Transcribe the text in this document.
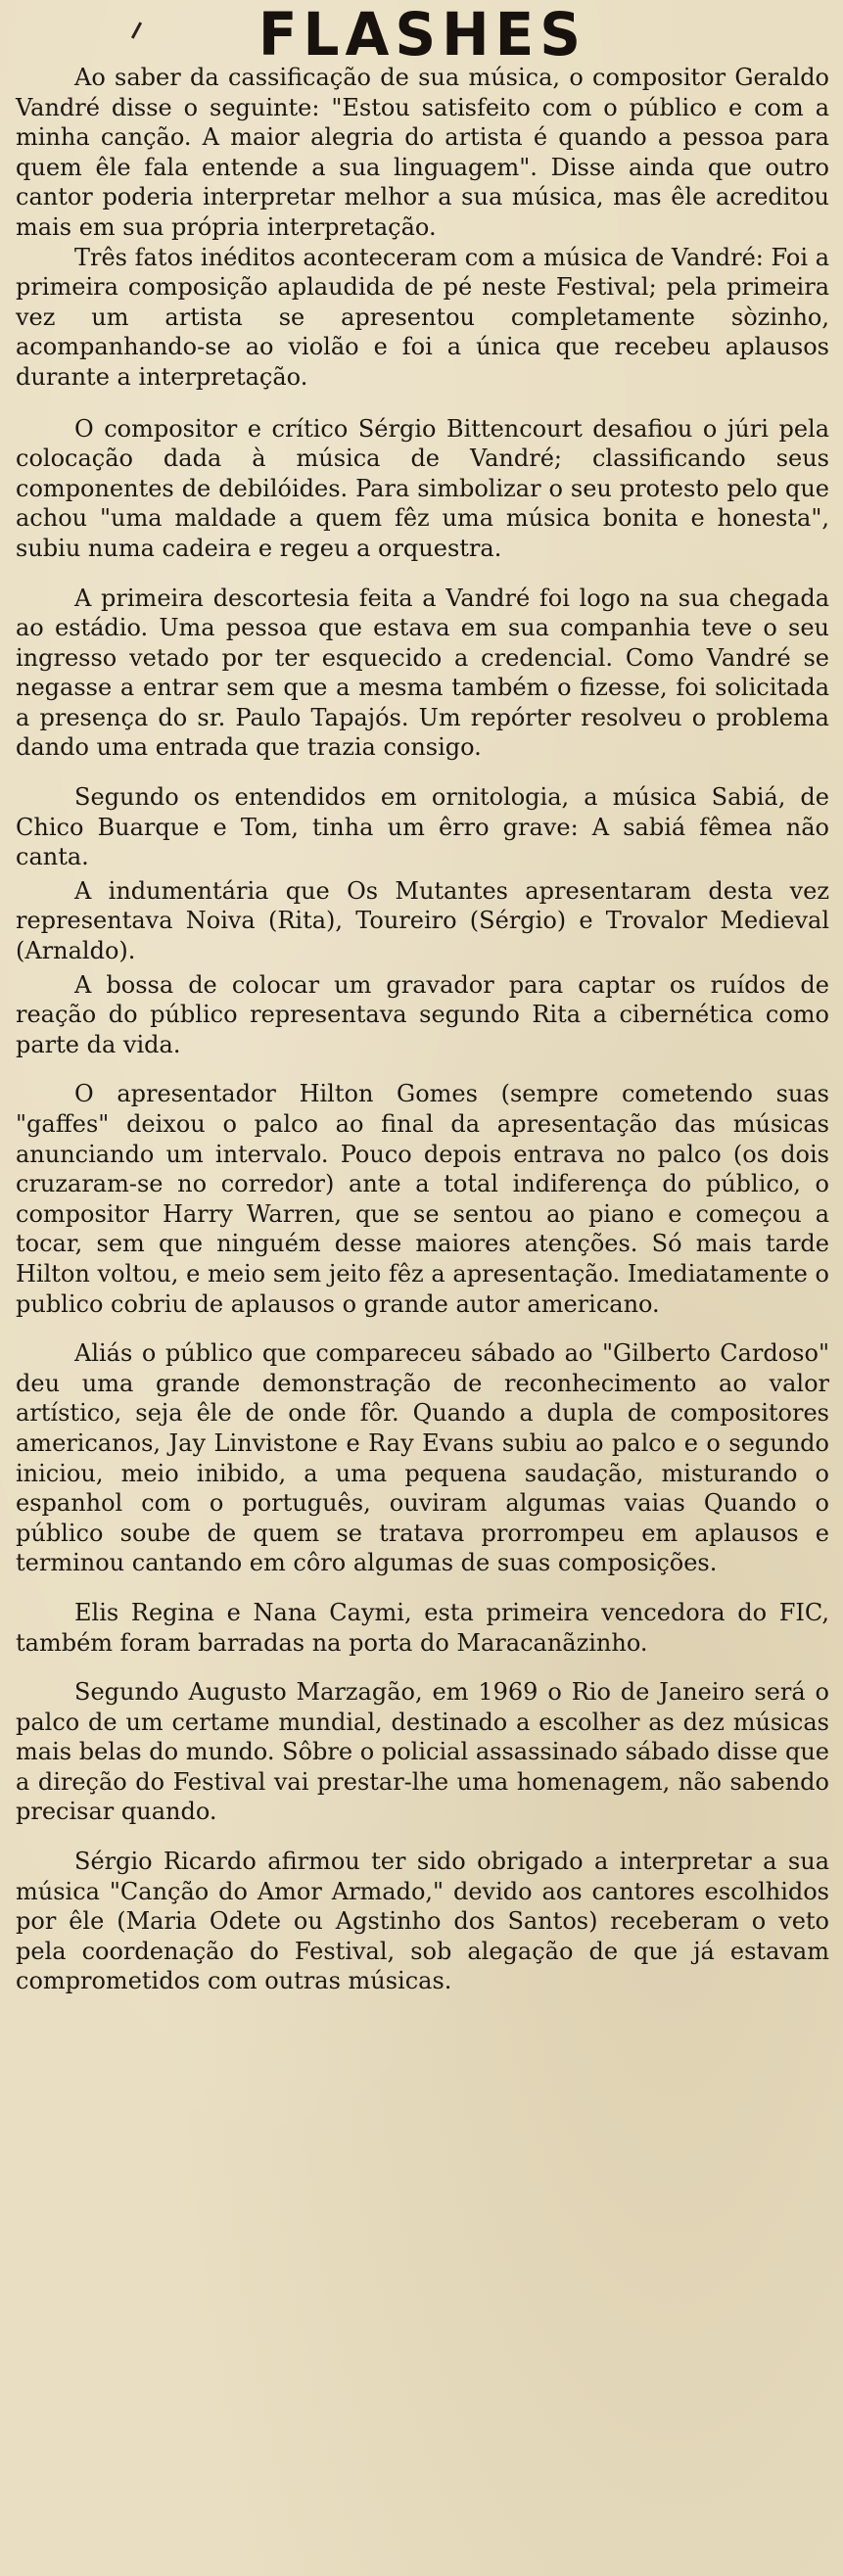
FLASHES

Ao saber da cassificação de sua música, o compositor Geraldo Vandré disse o seguinte: "Estou satisfeito com o público e com a minha canção. A maior alegria do artista é quando a pessoa para quem êle fala entende a sua linguagem". Disse ainda que outro cantor poderia interpretar melhor a sua música, mas êle acreditou mais em sua própria interpretação.

Três fatos inéditos aconteceram com a música de Vandré: Foi a primeira composição aplaudida de pé neste Festival; pela primeira vez um artista se apresentou completamente sòzinho, acompanhando-se ao violão e foi a única que recebeu aplausos durante a interpretação.

O compositor e crítico Sérgio Bittencourt desafiou o júri pela colocação dada à música de Vandré; classificando seus componentes de debilóides. Para simbolizar o seu protesto pelo que achou "uma maldade a quem fêz uma música bonita e honesta", subiu numa cadeira e regeu a orquestra.

A primeira descortesia feita a Vandré foi logo na sua chegada ao estádio. Uma pessoa que estava em sua companhia teve o seu ingresso vetado por ter esquecido a credencial. Como Vandré se negasse a entrar sem que a mesma também o fizesse, foi solicitada a presença do sr. Paulo Tapajós. Um repórter resolveu o problema dando uma entrada que trazia consigo.

Segundo os entendidos em ornitologia, a música Sabiá, de Chico Buarque e Tom, tinha um êrro grave: A sabiá fêmea não canta.

A indumentária que Os Mutantes apresentaram desta vez representava Noiva (Rita), Toureiro (Sérgio) e Trovalor Medieval (Arnaldo).

A bossa de colocar um gravador para captar os ruídos de reação do público representava segundo Rita a cibernética como parte da vida.

O apresentador Hilton Gomes (sempre cometendo suas "gaffes" deixou o palco ao final da apresentação das músicas anunciando um intervalo. Pouco depois entrava no palco (os dois cruzaram-se no corredor) ante a total indiferença do público, o compositor Harry Warren, que se sentou ao piano e começou a tocar, sem que ninguém desse maiores atenções. Só mais tarde Hilton voltou, e meio sem jeito fêz a apresentação. Imediatamente o publico cobriu de aplausos o grande autor americano.

Aliás o público que compareceu sábado ao "Gilberto Cardoso" deu uma grande demonstração de reconhecimento ao valor artístico, seja êle de onde fôr. Quando a dupla de compositores americanos, Jay Linvistone e Ray Evans subiu ao palco e o segundo iniciou, meio inibido, a uma pequena saudação, misturando o espanhol com o português, ouviram algumas vaias Quando o público soube de quem se tratava prorrompeu em aplausos e terminou cantando em côro algumas de suas composições.

Elis Regina e Nana Caymi, esta primeira vencedora do FIC, também foram barradas na porta do Maracanãzinho.

Segundo Augusto Marzagão, em 1969 o Rio de Janeiro será o palco de um certame mundial, destinado a escolher as dez músicas mais belas do mundo. Sôbre o policial assassinado sábado disse que a direção do Festival vai prestar-lhe uma homenagem, não sabendo precisar quando.

Sérgio Ricardo afirmou ter sido obrigado a interpretar a sua música "Canção do Amor Armado," devido aos cantores escolhidos por êle (Maria Odete ou Agstinho dos Santos) receberam o veto pela coordenação do Festival, sob alegação de que já estavam comprometidos com outras músicas.
